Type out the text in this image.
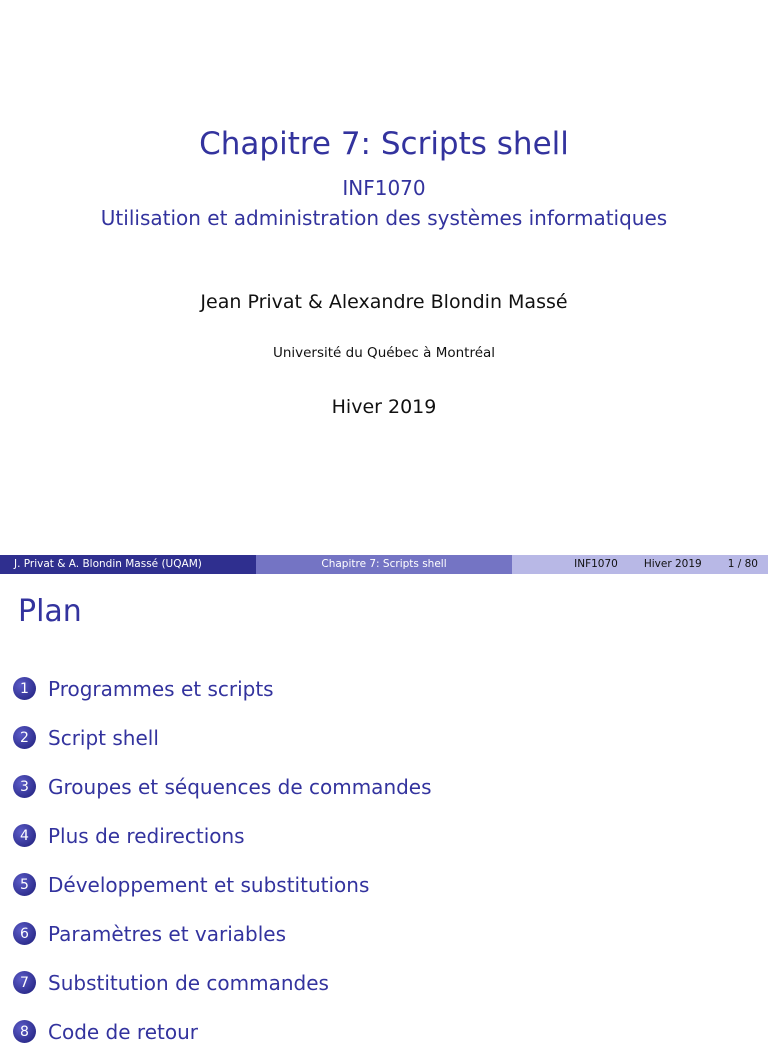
Chapitre 7: Scripts shell
INF1070
Utilisation et administration des systèmes informatiques
Jean Privat & Alexandre Blondin Massé
Université du Québec à Montréal
Hiver 2019
J. Privat & A. Blondin Massé (UQAM)	Chapitre 7: Scripts shell	INF1070 Hiver 2019 1 / 80
Plan
1 Programmes et scripts
2 Script shell
3 Groupes et séquences de commandes
4 Plus de redirections
5 Développement et substitutions
6 Paramètres et variables
7 Substitution de commandes
8 Code de retour
